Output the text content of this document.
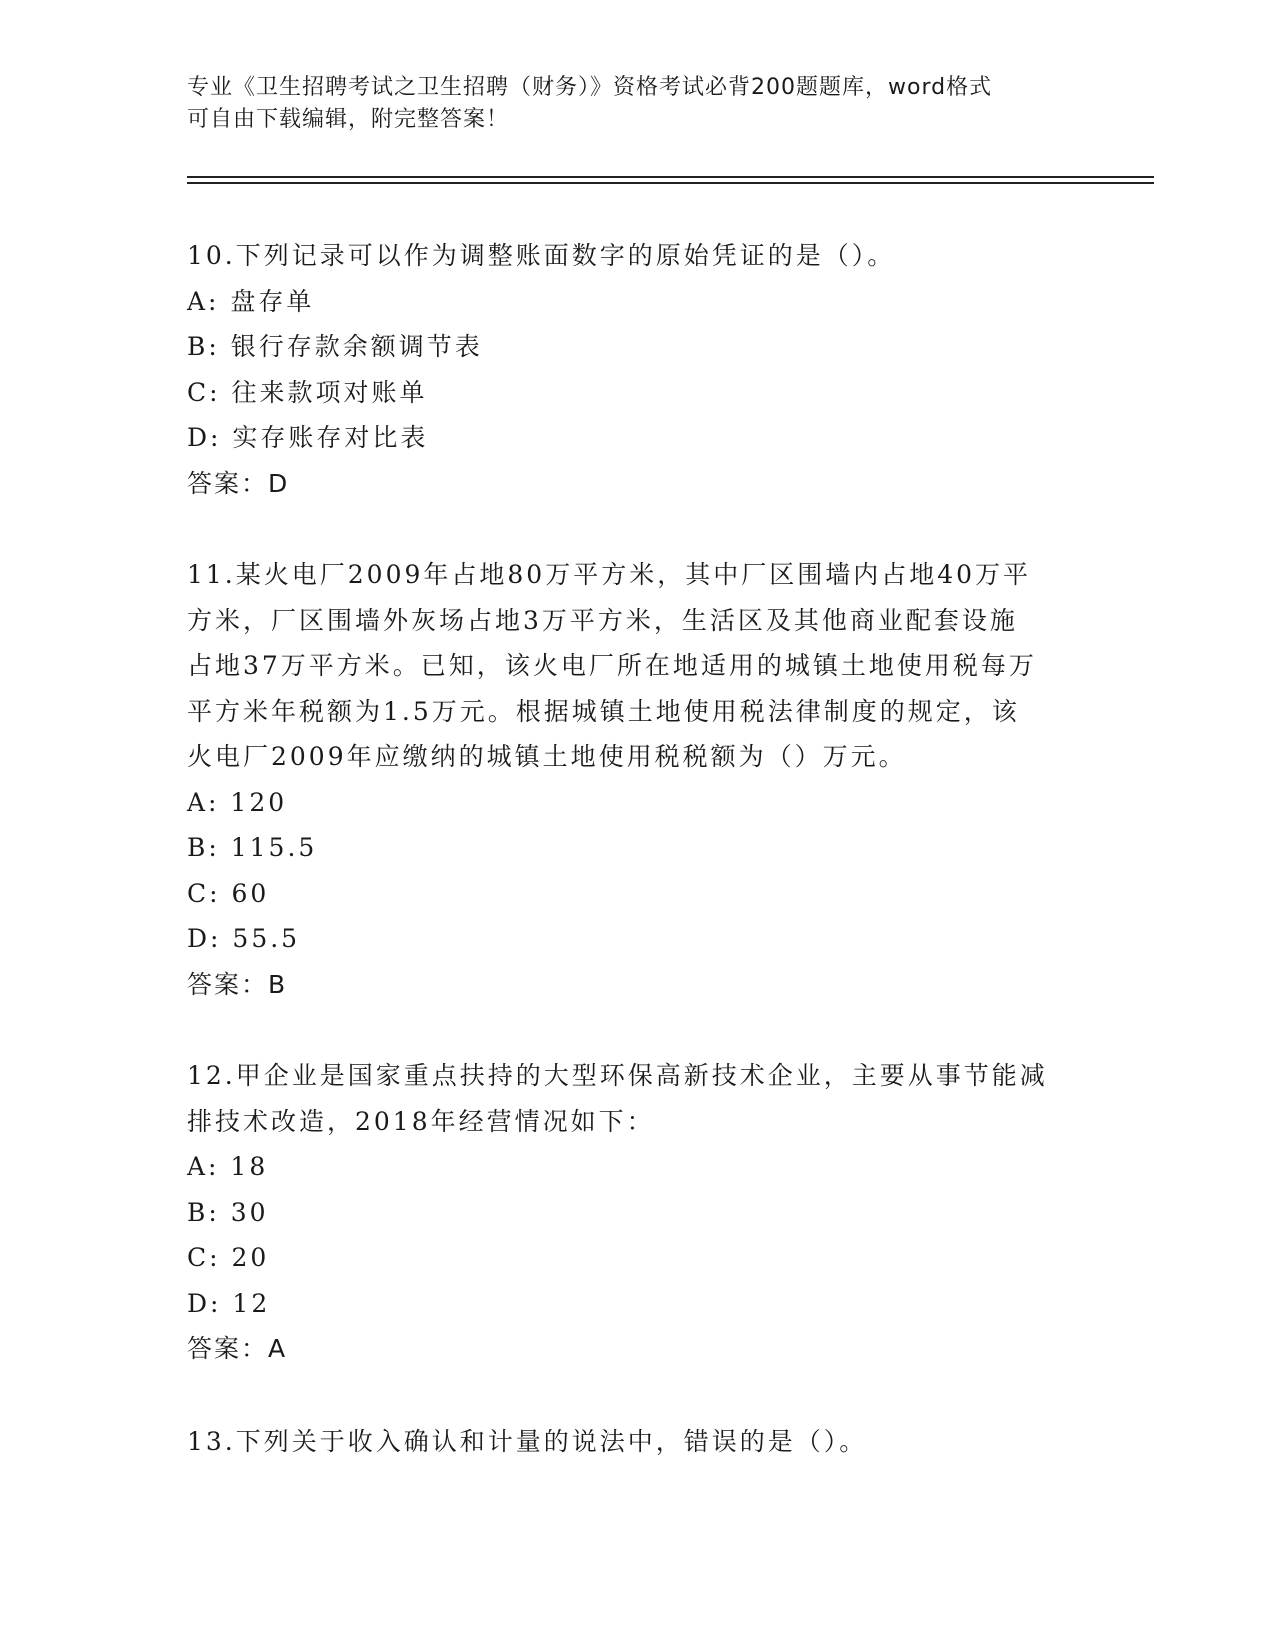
专业《卫生招聘考试之卫生招聘（财务）》资格考试必背200题题库，word格式
可自由下载编辑，附完整答案！
10.下列记录可以作为调整账面数字的原始凭证的是（）。
A: 盘存单
B: 银行存款余额调节表
C: 往来款项对账单
D: 实存账存对比表
答案：D
11.某火电厂2009年占地80万平方米，其中厂区围墙内占地40万平
方米，厂区围墙外灰场占地3万平方米，生活区及其他商业配套设施
占地37万平方米。已知，该火电厂所在地适用的城镇土地使用税每万
平方米年税额为1.5万元。根据城镇土地使用税法律制度的规定，该
火电厂2009年应缴纳的城镇土地使用税税额为（）万元。
A: 120
B: 115.5
C: 60
D: 55.5
答案：B
12.甲企业是国家重点扶持的大型环保高新技术企业，主要从事节能减
排技术改造，2018年经营情况如下：
A: 18
B: 30
C: 20
D: 12
答案：A
13.下列关于收入确认和计量的说法中，错误的是（）。
